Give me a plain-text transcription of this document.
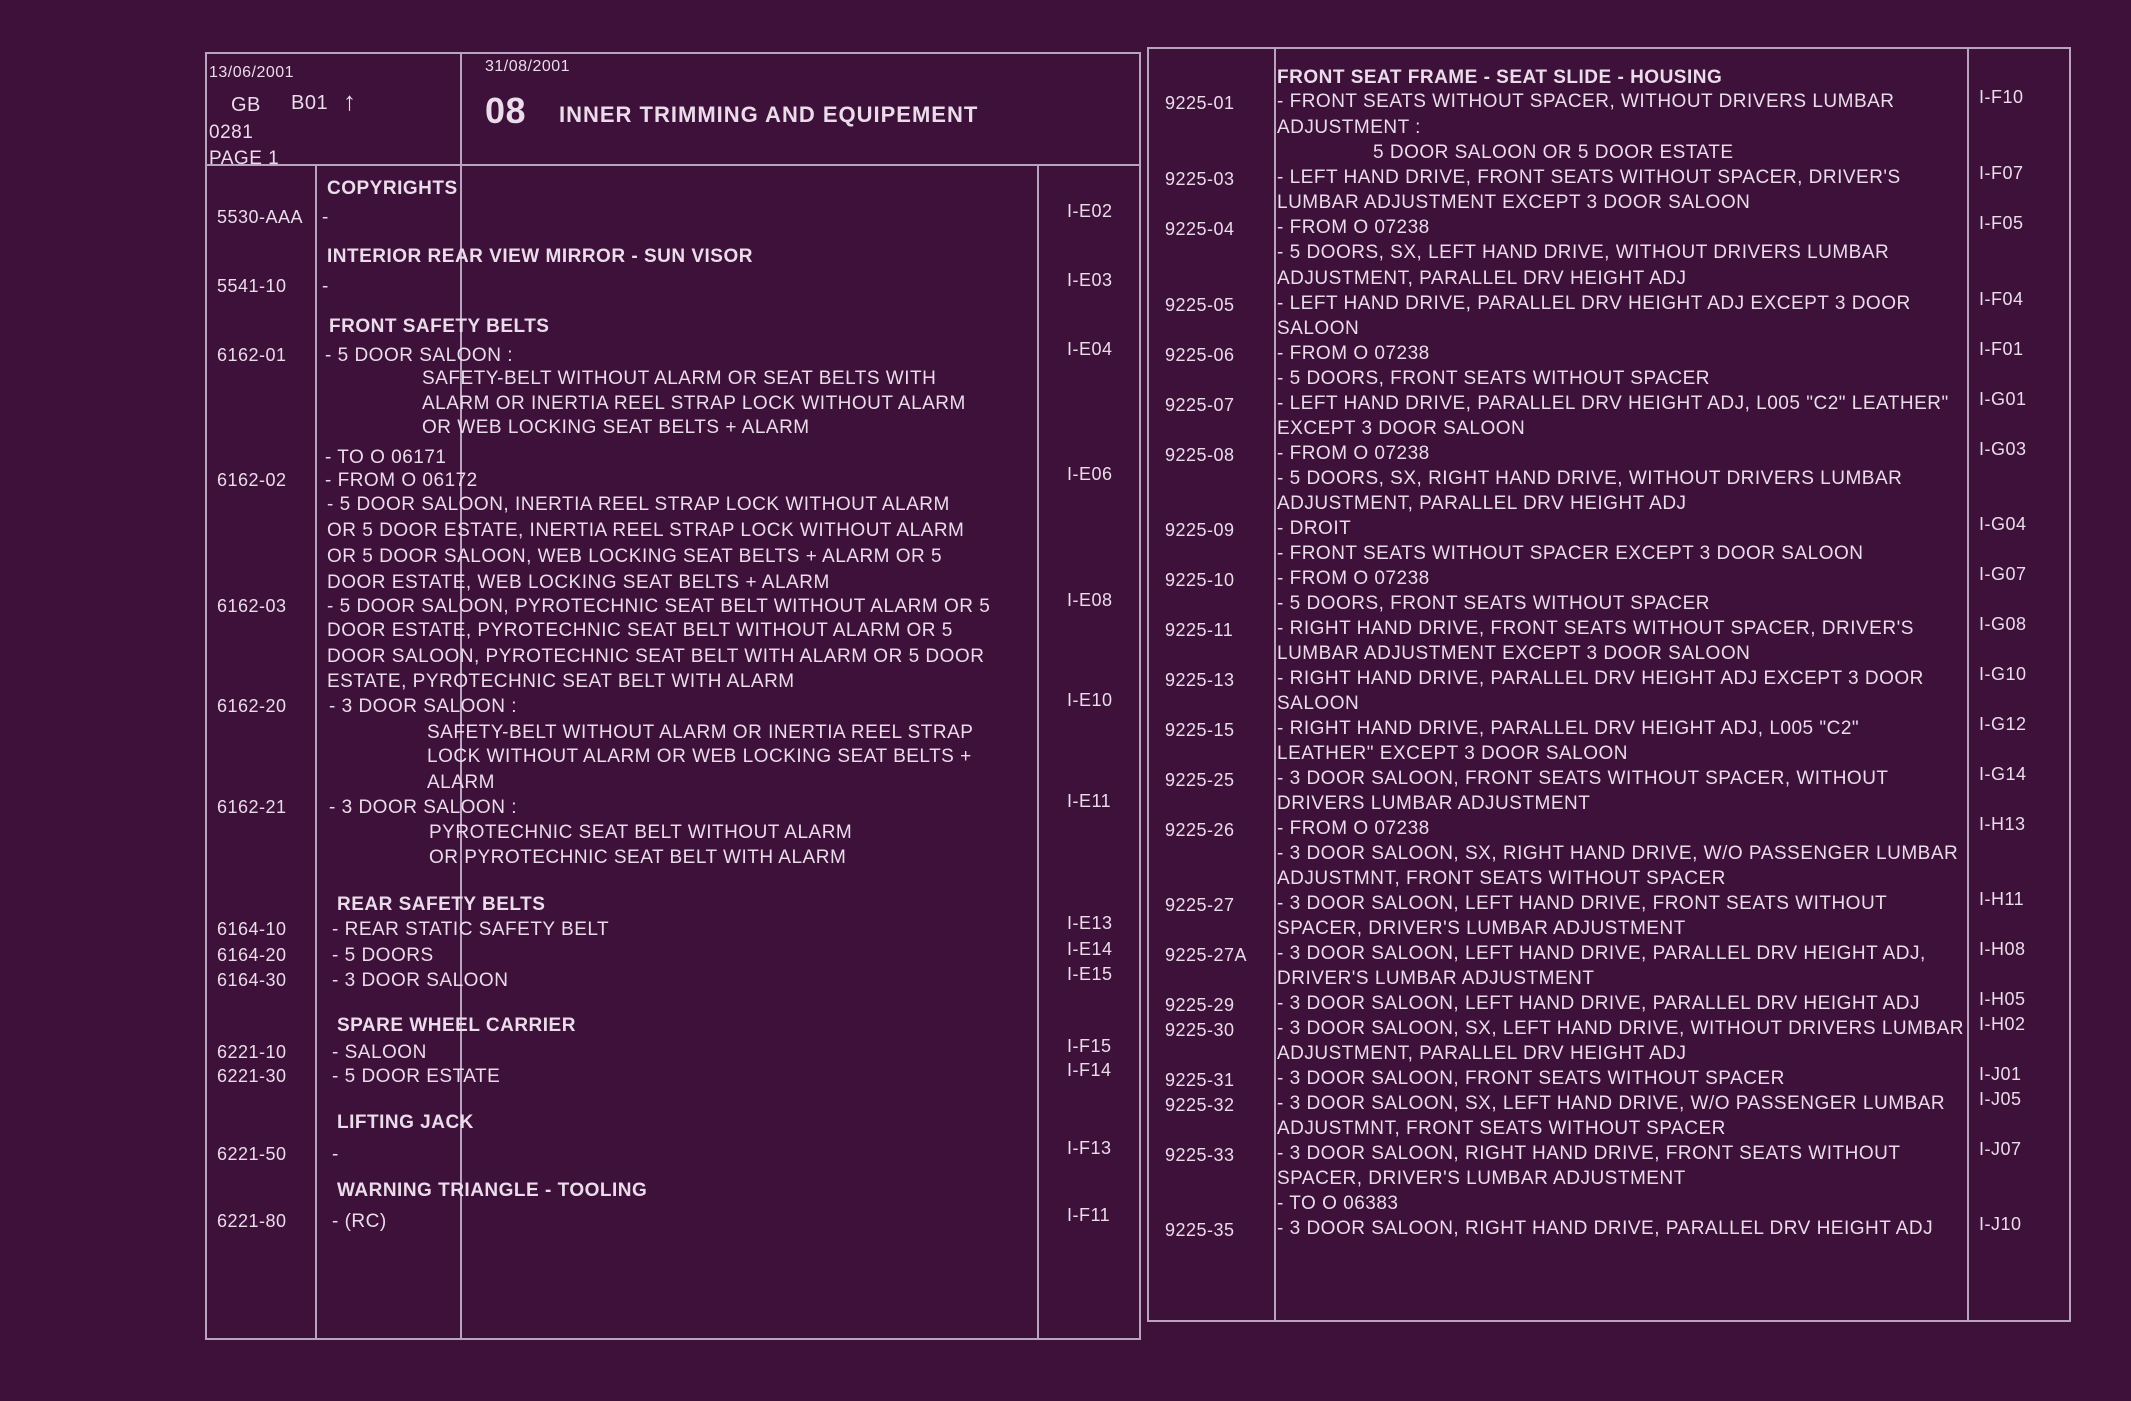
13/06/2001
GB B01 ↑
0281
PAGE 1
31/08/2001
08 INNER TRIMMING AND EQUIPEMENT
COPYRIGHTS
5530-AAA -	I-E02
INTERIOR REAR VIEW MIRROR - SUN VISOR
5541-10 -	I-E03
FRONT SAFETY BELTS
6162-01 - 5 DOOR SALOON :	I-E04
SAFETY-BELT WITHOUT ALARM OR SEAT BELTS WITH
ALARM OR INERTIA REEL STRAP LOCK WITHOUT ALARM
OR WEB LOCKING SEAT BELTS + ALARM
- TO O 06171
6162-02 - FROM O 06172	I-E06
- 5 DOOR SALOON, INERTIA REEL STRAP LOCK WITHOUT ALARM
OR 5 DOOR ESTATE, INERTIA REEL STRAP LOCK WITHOUT ALARM
OR 5 DOOR SALOON, WEB LOCKING SEAT BELTS + ALARM OR 5
DOOR ESTATE, WEB LOCKING SEAT BELTS + ALARM
6162-03 - 5 DOOR SALOON, PYROTECHNIC SEAT BELT WITHOUT ALARM OR 5	I-E08
DOOR ESTATE, PYROTECHNIC SEAT BELT WITHOUT ALARM OR 5
DOOR SALOON, PYROTECHNIC SEAT BELT WITH ALARM OR 5 DOOR
ESTATE, PYROTECHNIC SEAT BELT WITH ALARM
6162-20 - 3 DOOR SALOON :	I-E10
SAFETY-BELT WITHOUT ALARM OR INERTIA REEL STRAP
LOCK WITHOUT ALARM OR WEB LOCKING SEAT BELTS +
ALARM
6162-21 - 3 DOOR SALOON :	I-E11
PYROTECHNIC SEAT BELT WITHOUT ALARM
OR PYROTECHNIC SEAT BELT WITH ALARM
REAR SAFETY BELTS
6164-10 - REAR STATIC SAFETY BELT	I-E13
6164-20 - 5 DOORS	I-E14
6164-30 - 3 DOOR SALOON	I-E15
SPARE WHEEL CARRIER
6221-10 - SALOON	I-F15
6221-30 - 5 DOOR ESTATE	I-F14
LIFTING JACK
6221-50 -	I-F13
WARNING TRIANGLE - TOOLING
6221-80 - (RC)	I-F11
FRONT SEAT FRAME - SEAT SLIDE - HOUSING
9225-01 - FRONT SEATS WITHOUT SPACER, WITHOUT DRIVERS LUMBAR	I-F10
ADJUSTMENT :
5 DOOR SALOON OR 5 DOOR ESTATE
9225-03 - LEFT HAND DRIVE, FRONT SEATS WITHOUT SPACER, DRIVER'S	I-F07
LUMBAR ADJUSTMENT EXCEPT 3 DOOR SALOON
9225-04 - FROM O 07238	I-F05
- 5 DOORS, SX, LEFT HAND DRIVE, WITHOUT DRIVERS LUMBAR
ADJUSTMENT, PARALLEL DRV HEIGHT ADJ
9225-05 - LEFT HAND DRIVE, PARALLEL DRV HEIGHT ADJ EXCEPT 3 DOOR	I-F04
SALOON
9225-06 - FROM O 07238	I-F01
- 5 DOORS, FRONT SEATS WITHOUT SPACER
9225-07 - LEFT HAND DRIVE, PARALLEL DRV HEIGHT ADJ, L005 "C2" LEATHER" I-G01
EXCEPT 3 DOOR SALOON
9225-08 - FROM O 07238	I-G03
- 5 DOORS, SX, RIGHT HAND DRIVE, WITHOUT DRIVERS LUMBAR
ADJUSTMENT, PARALLEL DRV HEIGHT ADJ
9225-09 - DROIT	I-G04
- FRONT SEATS WITHOUT SPACER EXCEPT 3 DOOR SALOON
9225-10 - FROM O 07238	I-G07
- 5 DOORS, FRONT SEATS WITHOUT SPACER
9225-11 - RIGHT HAND DRIVE, FRONT SEATS WITHOUT SPACER, DRIVER'S	I-G08
LUMBAR ADJUSTMENT EXCEPT 3 DOOR SALOON
9225-13 - RIGHT HAND DRIVE, PARALLEL DRV HEIGHT ADJ EXCEPT 3 DOOR	I-G10
SALOON
9225-15 - RIGHT HAND DRIVE, PARALLEL DRV HEIGHT ADJ, L005 "C2"	I-G12
LEATHER" EXCEPT 3 DOOR SALOON
9225-25 - 3 DOOR SALOON, FRONT SEATS WITHOUT SPACER, WITHOUT	I-G14
DRIVERS LUMBAR ADJUSTMENT
9225-26 - FROM O 07238	I-H13
- 3 DOOR SALOON, SX, RIGHT HAND DRIVE, W/O PASSENGER LUMBAR
ADJUSTMNT, FRONT SEATS WITHOUT SPACER
9225-27 - 3 DOOR SALOON, LEFT HAND DRIVE, FRONT SEATS WITHOUT	I-H11
SPACER, DRIVER'S LUMBAR ADJUSTMENT
9225-27A - 3 DOOR SALOON, LEFT HAND DRIVE, PARALLEL DRV HEIGHT ADJ,	I-H08
DRIVER'S LUMBAR ADJUSTMENT
9225-29 - 3 DOOR SALOON, LEFT HAND DRIVE, PARALLEL DRV HEIGHT ADJ	I-H05
9225-30 - 3 DOOR SALOON, SX, LEFT HAND DRIVE, WITHOUT DRIVERS LUMBAR I-H02
ADJUSTMENT, PARALLEL DRV HEIGHT ADJ
9225-31 - 3 DOOR SALOON, FRONT SEATS WITHOUT SPACER	I-J01
9225-32 - 3 DOOR SALOON, SX, LEFT HAND DRIVE, W/O PASSENGER LUMBAR I-J05
ADJUSTMNT, FRONT SEATS WITHOUT SPACER
9225-33 - 3 DOOR SALOON, RIGHT HAND DRIVE, FRONT SEATS WITHOUT	I-J07
SPACER, DRIVER'S LUMBAR ADJUSTMENT
- TO O 06383
9225-35 - 3 DOOR SALOON, RIGHT HAND DRIVE, PARALLEL DRV HEIGHT ADJ	I-J10
